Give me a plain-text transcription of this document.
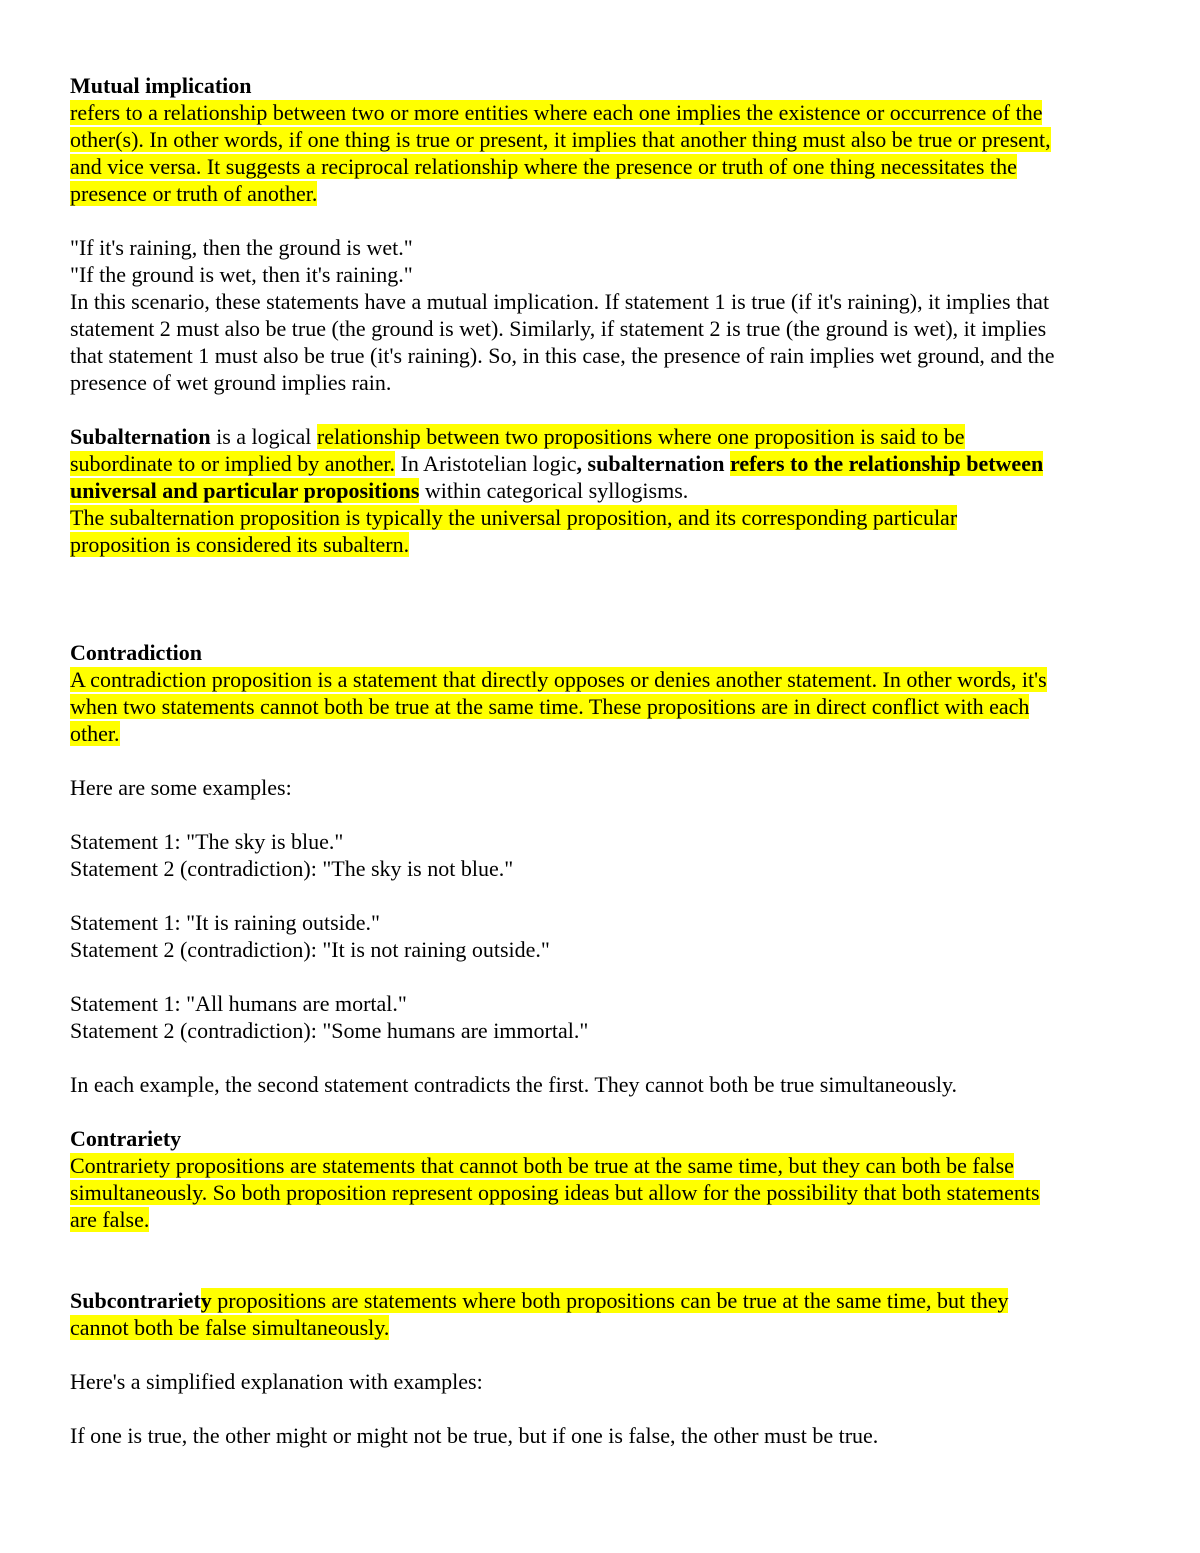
Mutual implication
refers to a relationship between two or more entities where each one implies the existence or occurrence of the
other(s). In other words, if one thing is true or present, it implies that another thing must also be true or present,
and vice versa. It suggests a reciprocal relationship where the presence or truth of one thing necessitates the
presence or truth of another.
"If it's raining, then the ground is wet."
"If the ground is wet, then it's raining."
In this scenario, these statements have a mutual implication. If statement 1 is true (if it's raining), it implies that
statement 2 must also be true (the ground is wet). Similarly, if statement 2 is true (the ground is wet), it implies
that statement 1 must also be true (it's raining). So, in this case, the presence of rain implies wet ground, and the
presence of wet ground implies rain.
Subalternation is a logical relationship between two propositions where one proposition is said to be
subordinate to or implied by another. In Aristotelian logic, subalternation refers to the relationship between
universal and particular propositions within categorical syllogisms.
The subalternation proposition is typically the universal proposition, and its corresponding particular
proposition is considered its subaltern.
Contradiction
A contradiction proposition is a statement that directly opposes or denies another statement. In other words, it's
when two statements cannot both be true at the same time. These propositions are in direct conflict with each
other.
Here are some examples:
Statement 1: "The sky is blue."
Statement 2 (contradiction): "The sky is not blue."
Statement 1: "It is raining outside."
Statement 2 (contradiction): "It is not raining outside."
Statement 1: "All humans are mortal."
Statement 2 (contradiction): "Some humans are immortal."
In each example, the second statement contradicts the first. They cannot both be true simultaneously.
Contrariety
Contrariety propositions are statements that cannot both be true at the same time, but they can both be false
simultaneously. So both proposition represent opposing ideas but allow for the possibility that both statements
are false.
Subcontrariety propositions are statements where both propositions can be true at the same time, but they
cannot both be false simultaneously.
Here's a simplified explanation with examples:
If one is true, the other might or might not be true, but if one is false, the other must be true.
